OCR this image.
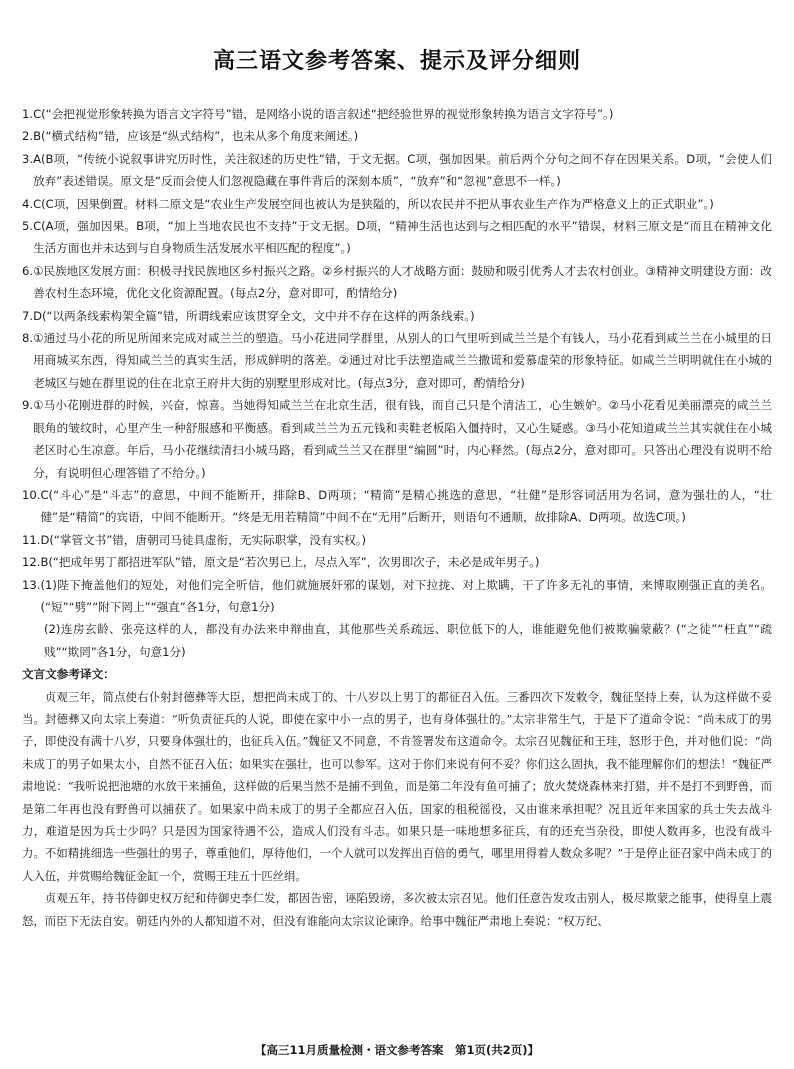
高三语文参考答案、提示及评分细则
1. C(“会把视觉形象转换为语言文字符号”错，是网络小说的语言叙述“把经验世界的视觉形象转换为语言文字符号”。)
2. B(“横式结构”错，应该是“纵式结构”，也未从多个角度来阐述。)
3. A(B项，“传统小说叙事讲究历时性，关注叙述的历史性”错，于文无据。C项，强加因果。前后两个分句之间不存在因果关系。D项，“会使人们放弃”表述错误。原文是“反而会使人们忽视隐藏在事件背后的深刻本质”，“放弃”和“忽视”意思不一样。)
4. C(C项，因果倒置。材料二原文是“农业生产发展空间也被认为是狭隘的，所以农民并不把从事农业生产作为严格意义上的正式职业”。)
5. C(A项，强加因果。B项，“加上当地农民也不支持”于文无据。D项，“精神生活也达到与之相匹配的水平”错误，材料三原文是“而且在精神文化生活方面也并未达到与自身物质生活发展水平相匹配的程度”。)
6. ①民族地区发展方面：积极寻找民族地区乡村振兴之路。②乡村振兴的人才战略方面：鼓励和吸引优秀人才去农村创业。③精神文明建设方面：改善农村生态环境，优化文化资源配置。(每点2分，意对即可，酌情给分)
7. D(“以两条线索构架全篇”错，所谓线索应该贯穿全文，文中并不存在这样的两条线索。)
8. ①通过马小花的所见所闻来完成对咸兰兰的塑造。马小花进同学群里，从别人的口气里听到咸兰兰是个有钱人，马小花看到咸兰兰在小城里的日用商城买东西，得知咸兰兰的真实生活，形成鲜明的落差。②通过对比手法塑造咸兰兰撒谎和爱慕虚荣的形象特征。如咸兰兰明明就住在小城的老城区与她在群里说的住在北京王府井大街的别墅里形成对比。(每点3分，意对即可，酌情给分)
9. ①马小花刚进群的时候，兴奋，惊喜。当她得知咸兰兰在北京生活，很有钱，而自己只是个清洁工，心生嫉妒。②马小花看见美丽漂亮的咸兰兰眼角的皱纹时，心里产生一种舒服感和平衡感。看到咸兰兰为五元钱和卖鞋老板陷入僵持时，又心生疑惑。③马小花知道咸兰兰其实就住在小城老区时心生凉意。年后，马小花继续清扫小城马路，看到咸兰兰又在群里“编圆”时，内心释然。(每点2分，意对即可。只答出心理没有说明不给分，有说明但心理答错了不给分。)
10. C(“斗心”是“斗志”的意思，中间不能断开，排除B、D两项；“精简”是精心挑选的意思，“壮健”是形容词活用为名词，意为强壮的人，“壮健”是“精简”的宾语，中间不能断开。“终是无用若精简”中间不在“无用”后断开，则语句不通顺，故排除A、D两项。故选C项。)
11. D(“掌管文书”错，唐朝司马徒具虚衔，无实际职掌，没有实权。)
12. B(“把成年男丁都招进军队”错，原文是“若次男已上，尽点入军”，次男即次子，未必是成年男子。)
13. (1)陛下掩盖他们的短处，对他们完全听信，他们就施展奸邪的谋划，对下拉拢、对上欺瞒，干了许多无礼的事情，来博取刚强正直的美名。(“短”“劈”“附下罔上”“强直”各1分，句意1分)
(2)连房玄龄、张亮这样的人，都没有办法来申辩曲直，其他那些关系疏远、职位低下的人，谁能避免他们被欺骗蒙蔽？(“之徒”“枉直”“疏贱”“欺罔”各1分，句意1分)
文言文参考译文：

贞观三年，简点使右仆射封德彝等大臣，想把尚未成丁的、十八岁以上男丁的都征召入伍。三番四次下发敕令，魏征坚持上奏，认为这样做不妥当。封德彝又向太宗上奏道：“听负责征兵的人说，即使在家中小一点的男子，也有身体强壮的。”太宗非常生气，于是下了道命令说：“尚未成丁的男子，即使没有满十八岁，只要身体强壮的，也征兵入伍。”魏征又不同意，不肯签署发布这道命令。太宗召见魏征和王珪，怒形于色，并对他们说：“尚未成丁的男子如果太小，自然不征召入伍；如果实在强壮，也可以参军。这对于你们来说有何不妥？你们这么固执，我不能理解你们的想法！”魏征严肃地说：“我听说把池塘的水放干来捕鱼，这样做的后果当然不是捕不到鱼，而是第二年没有鱼可捕了；放火焚烧森林来打猎，并不是打不到野兽，而是第二年再也没有野兽可以捕获了。如果家中尚未成丁的男子全都应召入伍，国家的租税徭役，又由谁来承担呢？况且近年来国家的兵士失去战斗力，难道是因为兵士少吗？只是因为国家待遇不公，造成人们没有斗志。如果只是一味地想多征兵，有的还充当杂役，即使人数再多，也没有战斗力。不如精挑细选一些强壮的男子，尊重他们，厚待他们，一个人就可以发挥出百倍的勇气，哪里用得着人数众多呢？”于是停止征召家中尚未成丁的人入伍，并赏赐给魏征金缸一个，赏赐王珪五十匹丝绢。

贞观五年，持书侍御史权万纪和侍御史李仁发，都因告密，诬陷毁谤，多次被太宗召见。他们任意告发攻击别人，极尽欺蒙之能事，使得皇上震怒，而臣下无法自安。朝廷内外的人都知道不对，但没有谁能向太宗议论谏诤。给事中魏征严肃地上奏说：“权万纪、

【高三11月质量检测・语文参考答案　第1页(共2页)】
